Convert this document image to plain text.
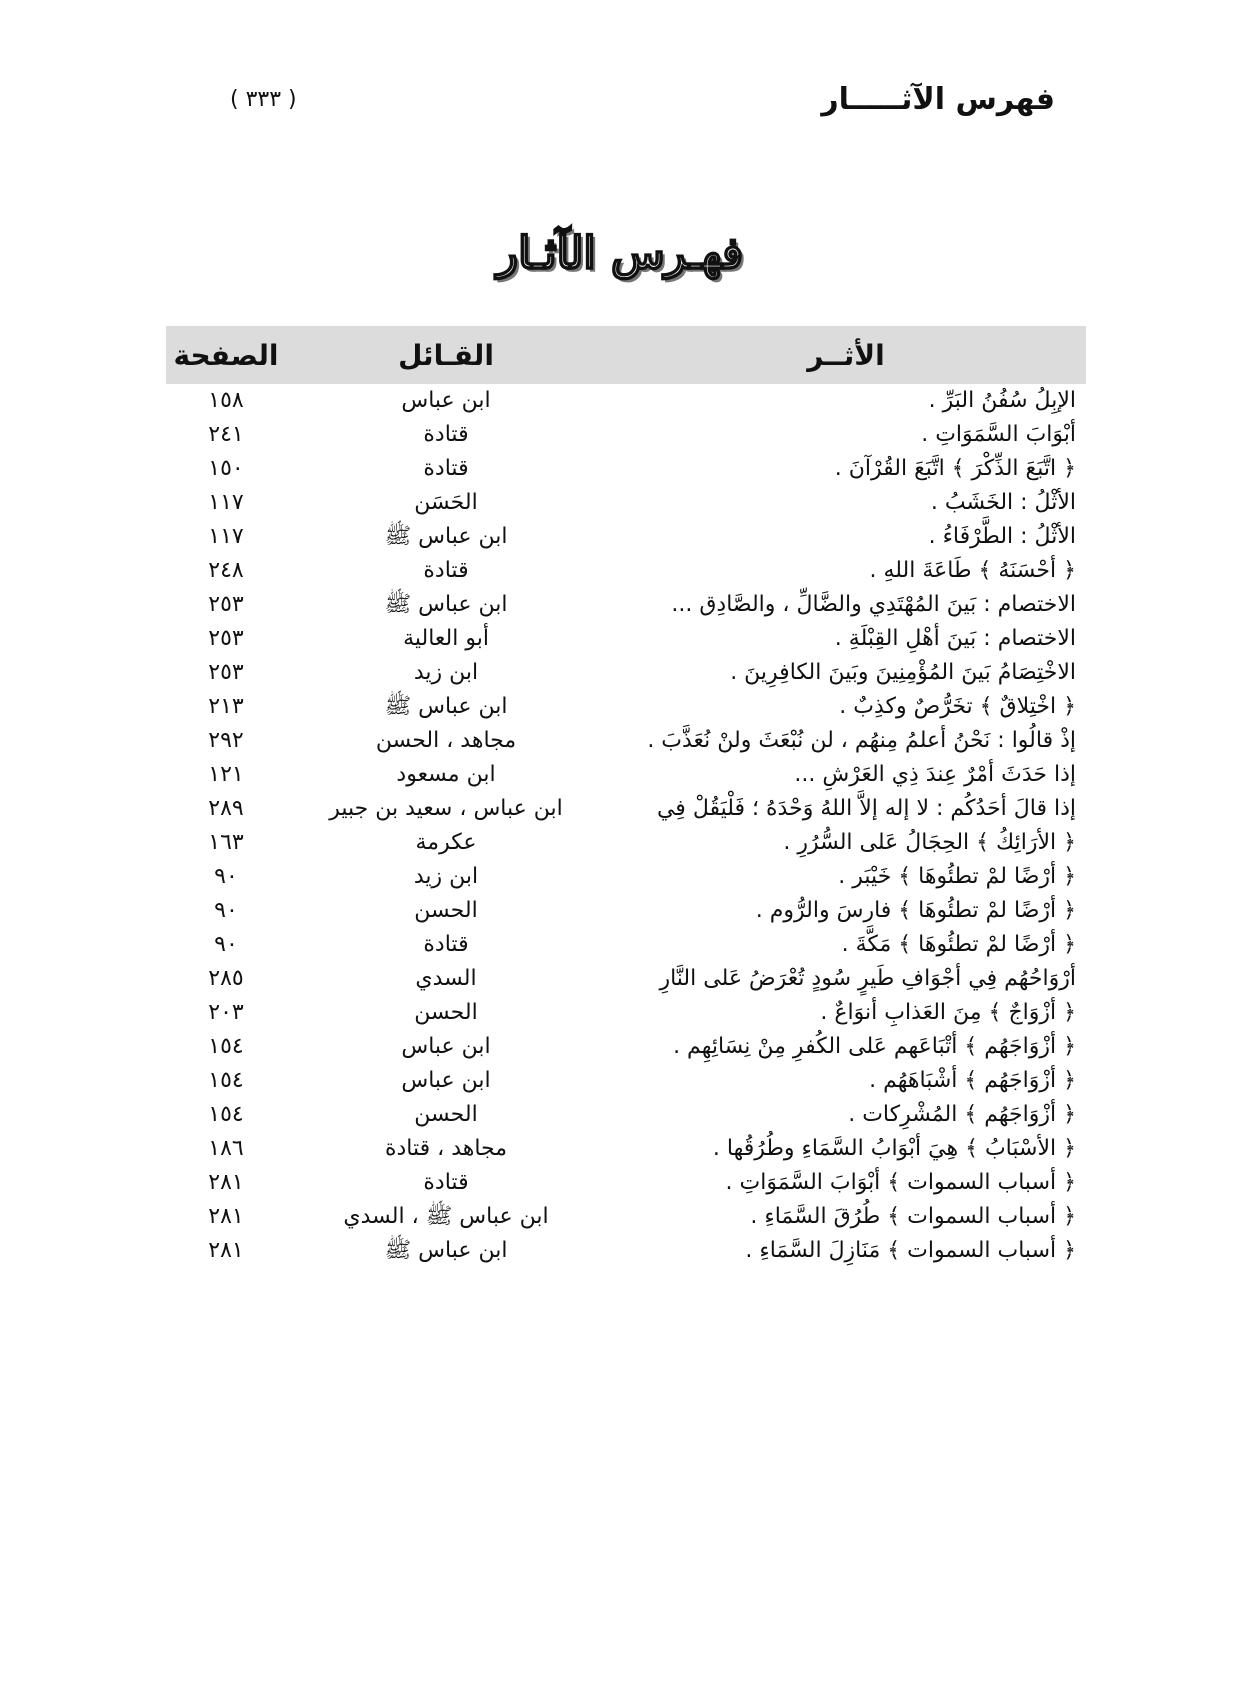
( ٣٣٣ )	فهرس الآثـــــار
فهـرس الآثـار
الأثــر	القـائل	الصفحة
الإبِلُ سُفُنُ البَرِّ .	ابن عباس	١٥٨
أبْوَابَ السَّمَوَاتِ .	قتادة	٢٤١
﴿ اتَّبَعَ الذِّكْرَ ﴾ اتَّبَعَ القُرْآنَ .	قتادة	١٥٠
الأثْلُ : الخَشَبُ .	الحَسَن	١١٧
الأثْلُ : الطَّرْفَاءُ .	ابن عباس ﷺ	١١٧
﴿ أحْسَنَهُ ﴾ طَاعَةَ اللهِ .	قتادة	٢٤٨
الاختصام : بَينَ المُهْتَدِي والضَّالِّ ، والصَّادِق ...	ابن عباس ﷺ	٢٥٣
الاختصام : بَينَ أهْلِ القِبْلَةِ .	أبو العالية	٢٥٣
الاخْتِصَامُ بَينَ المُؤْمِنِينَ وبَينَ الكافِرِينَ .	ابن زيد	٢٥٣
﴿ اخْتِلاقٌ ﴾ تخَرُّصٌ وكذِبٌ .	ابن عباس ﷺ	٢١٣
إذْ قالُوا : نَحْنُ أعلمُ مِنهُم ، لن نُبْعَثَ ولنْ نُعَذَّبَ .	مجاهد ، الحسن	٢٩٢
إذا حَدَثَ أمْرٌ عِندَ ذِي العَرْشِ ...	ابن مسعود	١٢١
إذا قالَ أحَدُكُم : لا إله إلاَّ اللهُ وَحْدَهُ ؛ فَلْيَقُلْ فِي	ابن عباس ، سعيد بن جبير	٢٨٩
﴿ الأرَائِكُ ﴾ الحِجَالُ عَلى السُّرُرِ .	عكرمة	١٦٣
﴿ أرْضًا لمْ تطئُوهَا ﴾ خَيْبَر .	ابن زيد	٩٠
﴿ أرْضًا لمْ تطئُوهَا ﴾ فارسَ والرُّوم .	الحسن	٩٠
﴿ أرْضًا لمْ تطئُوهَا ﴾ مَكَّةَ .	قتادة	٩٠
أرْوَاحُهُم فِي أجْوَافِ طَيرٍ سُودٍ تُعْرَضُ عَلى النَّارِ	السدي	٢٨٥
﴿ أزْوَاجٌ ﴾ مِنَ العَذابِ أنوَاعٌ .	الحسن	٢٠٣
﴿ أزْوَاجَهُم ﴾ أتْبَاعَهم عَلى الكُفرِ مِنْ نِسَائِهِم .	ابن عباس	١٥٤
﴿ أزْوَاجَهُم ﴾ أشْبَاهَهُم .	ابن عباس	١٥٤
﴿ أزْوَاجَهُم ﴾ المُشْرِكات .	الحسن	١٥٤
﴿ الأسْبَابُ ﴾ هِيَ أبْوَابُ السَّمَاءِ وطُرُقُها .	مجاهد ، قتادة	١٨٦
﴿ أسباب السموات ﴾ أبْوَابَ السَّمَوَاتِ .	قتادة	٢٨١
﴿ أسباب السموات ﴾ طُرُقَ السَّمَاءِ .	ابن عباس ﷺ ، السدي	٢٨١
﴿ أسباب السموات ﴾ مَنَازِلَ السَّمَاءِ .	ابن عباس ﷺ	٢٨١
